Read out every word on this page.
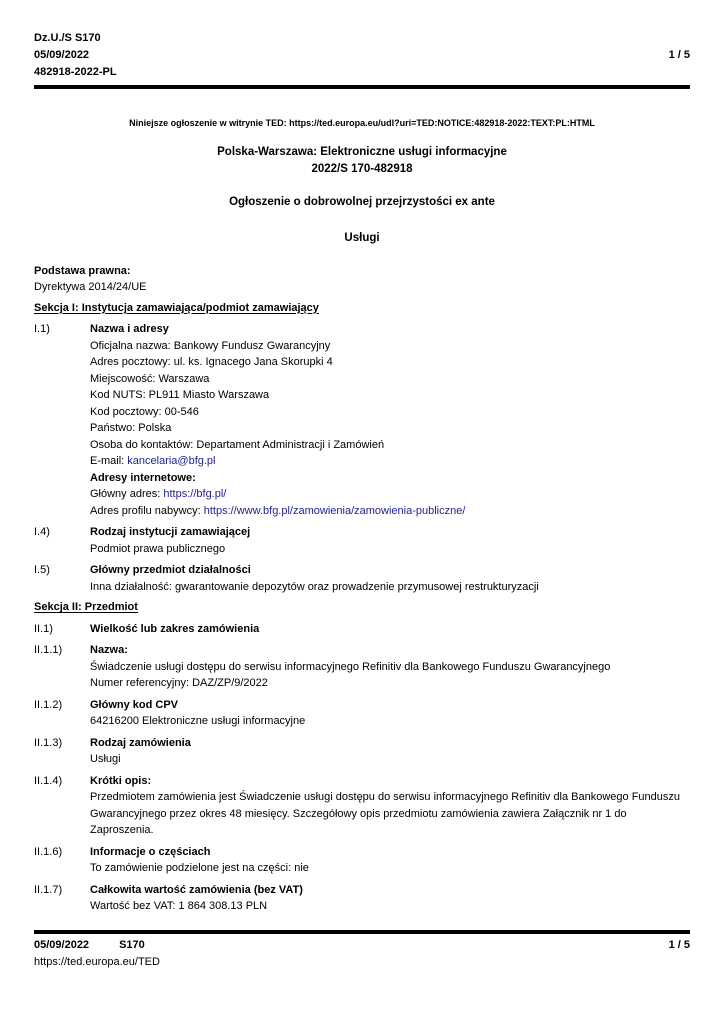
Dz.U./S S170
05/09/2022
482918-2022-PL
1 / 5
Niniejsze ogłoszenie w witrynie TED: https://ted.europa.eu/udl?uri=TED:NOTICE:482918-2022:TEXT:PL:HTML
Polska-Warszawa: Elektroniczne usługi informacyjne
2022/S 170-482918
Ogłoszenie o dobrowolnej przejrzystości ex ante
Usługi
Podstawa prawna:
Dyrektywa 2014/24/UE
Sekcja I: Instytucja zamawiająca/podmiot zamawiający
I.1)	Nazwa i adresy
Oficjalna nazwa: Bankowy Fundusz Gwarancyjny
Adres pocztowy: ul. ks. Ignacego Jana Skorupki 4
Miejscowość: Warszawa
Kod NUTS: PL911 Miasto Warszawa
Kod pocztowy: 00-546
Państwo: Polska
Osoba do kontaktów: Departament Administracji i Zamówień
E-mail: kancelaria@bfg.pl
Adresy internetowe:
Główny adres: https://bfg.pl/
Adres profilu nabywcy: https://www.bfg.pl/zamowienia/zamowienia-publiczne/
I.4)	Rodzaj instytucji zamawiającej
Podmiot prawa publicznego
I.5)	Główny przedmiot działalności
Inna działalność: gwarantowanie depozytów oraz prowadzenie przymusowej restrukturyzacji
Sekcja II: Przedmiot
II.1)	Wielkość lub zakres zamówienia
II.1.1)	Nazwa:
Świadczenie usługi dostępu do serwisu informacyjnego Refinitiv dla Bankowego Funduszu Gwarancyjnego
Numer referencyjny: DAZ/ZP/9/2022
II.1.2)	Główny kod CPV
64216200 Elektroniczne usługi informacyjne
II.1.3)	Rodzaj zamówienia
Usługi
II.1.4)	Krótki opis:
Przedmiotem zamówienia jest Świadczenie usługi dostępu do serwisu informacyjnego Refinitiv dla Bankowego Funduszu Gwarancyjnego przez okres 48 miesięcy. Szczegółowy opis przedmiotu zamówienia zawiera Załącznik nr 1 do Zaproszenia.
II.1.6)	Informacje o częściach
To zamówienie podzielone jest na części: nie
II.1.7)	Całkowita wartość zamówienia (bez VAT)
Wartość bez VAT: 1 864 308.13 PLN
05/09/2022	S170	1 / 5
https://ted.europa.eu/TED
